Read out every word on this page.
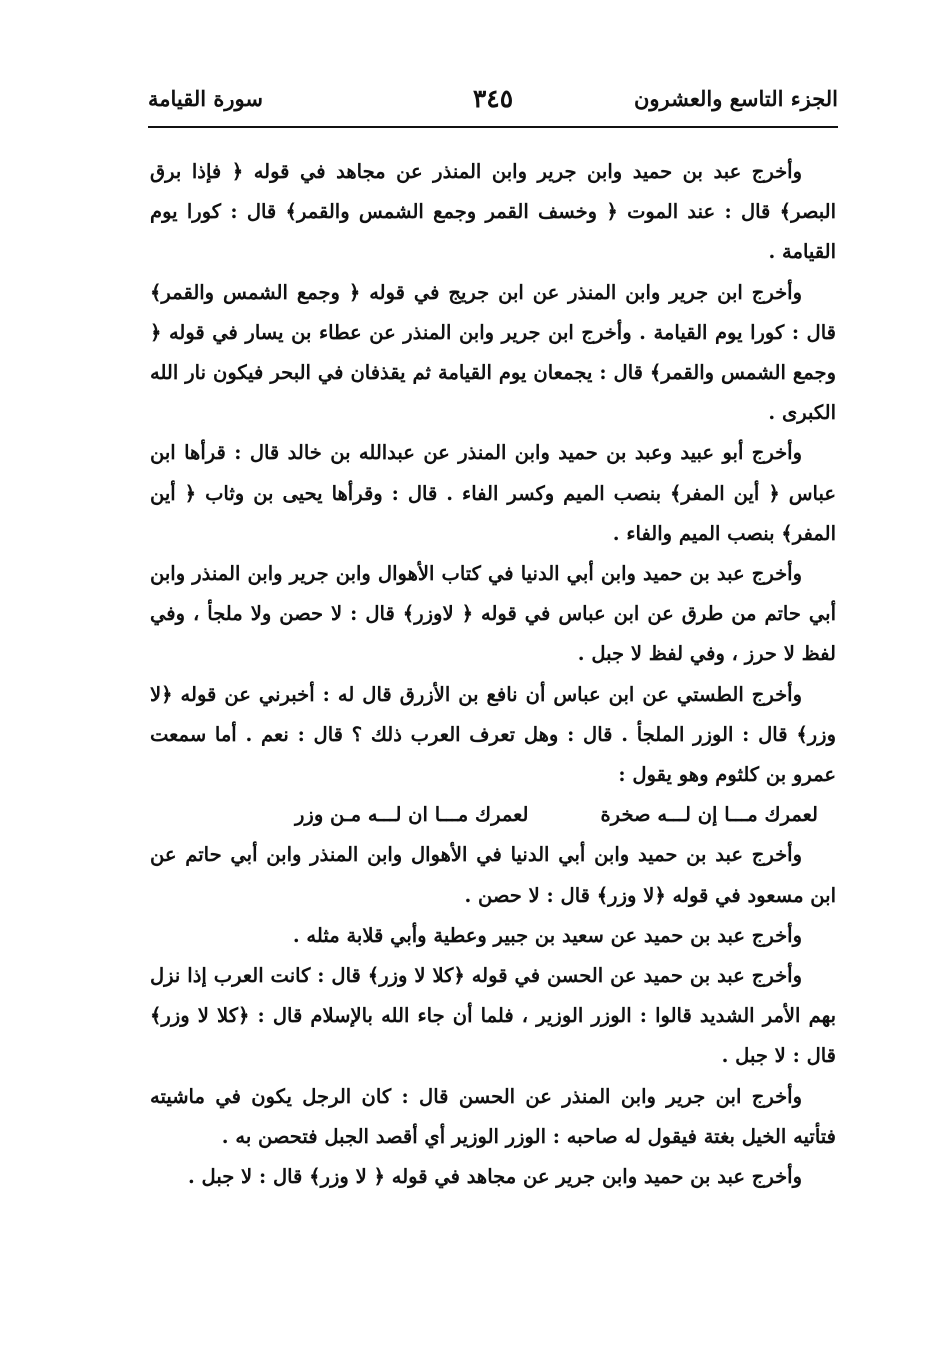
الجزء التاسع والعشرون
٣٤٥
سورة القيامة

وأخرج عبد بن حميد وابن جرير وابن المنذر عن مجاهد في قوله ﴿ فإذا برق البصر﴾ قال : عند الموت ﴿ وخسف القمر وجمع الشمس والقمر﴾ قال : كورا يوم القيامة .

وأخرج ابن جرير وابن المنذر عن ابن جريج في قوله ﴿ وجمع الشمس والقمر﴾ قال : كورا يوم القيامة . وأخرج ابن جرير وابن المنذر عن عطاء بن يسار في قوله ﴿ وجمع الشمس والقمر﴾ قال : يجمعان يوم القيامة ثم يقذفان في البحر فيكون نار الله الكبرى .

وأخرج أبو عبيد وعبد بن حميد وابن المنذر عن عبدالله بن خالد قال : قرأها ابن عباس ﴿ أين المفر﴾ بنصب الميم وكسر الفاء . قال : وقرأها يحيى بن وثاب ﴿ أين المفر﴾ بنصب الميم والفاء .

وأخرج عبد بن حميد وابن أبي الدنيا في كتاب الأهوال وابن جرير وابن المنذر وابن أبي حاتم من طرق عن ابن عباس في قوله ﴿ لاوزر﴾ قال : لا حصن ولا ملجأ ، وفي لفظ لا حرز ، وفي لفظ لا جبل .

وأخرج الطستي عن ابن عباس أن نافع بن الأزرق قال له : أخبرني عن قوله ﴿لا وزر﴾ قال : الوزر الملجأ . قال : وهل تعرف العرب ذلك ؟ قال : نعم . أما سمعت عمرو بن كلثوم وهو يقول :

لعمرك مـــا إن لـــه صخرة
لعمرك مـــا ان لـــه مـن وزر

وأخرج عبد بن حميد وابن أبي الدنيا في الأهوال وابن المنذر وابن أبي حاتم عن ابن مسعود في قوله ﴿لا وزر﴾ قال : لا حصن .

وأخرج عبد بن حميد عن سعيد بن جبير وعطية وأبي قلابة مثله .

وأخرج عبد بن حميد عن الحسن في قوله ﴿كلا لا وزر﴾ قال : كانت العرب إذا نزل بهم الأمر الشديد قالوا : الوزر الوزير ، فلما أن جاء الله بالإسلام قال : ﴿كلا لا وزر﴾ قال : لا جبل .

وأخرج ابن جرير وابن المنذر عن الحسن قال : كان الرجل يكون في ماشيته فتأتيه الخيل بغتة فيقول له صاحبه : الوزر الوزير أي أقصد الجبل فتحصن به .

وأخرج عبد بن حميد وابن جرير عن مجاهد في قوله ﴿ لا وزر﴾ قال : لا جبل .
